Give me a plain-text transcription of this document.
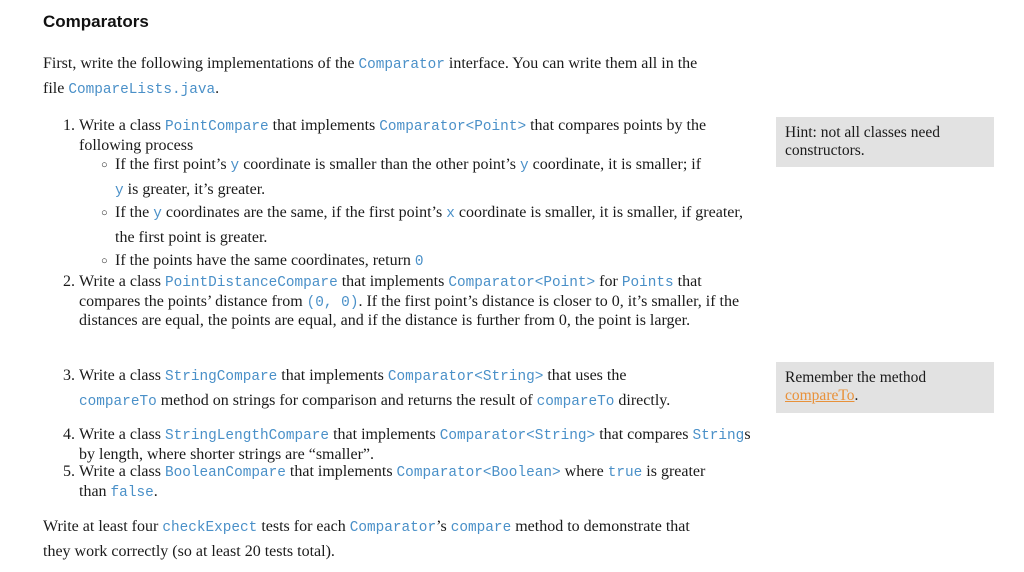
Comparators
First, write the following implementations of the Comparator interface. You can write them all in the
file CompareLists.java.
1. Write a class PointCompare that implements Comparator<Point> that compares points by the following process
○ If the first point’s y coordinate is smaller than the other point’s y coordinate, it is smaller; if
y is greater, it’s greater.
○ If the y coordinates are the same, if the first point’s x coordinate is smaller, it is smaller, if greater, the first point is greater.
○ If the points have the same coordinates, return 0
2. Write a class PointDistanceCompare that implements Comparator<Point> for Points that compares the points’ distance from (0, 0). If the first point’s distance is closer to 0, it’s smaller, if the distances are equal, the points are equal, and if the distance is further from 0, the point is larger.
3. Write a class StringCompare that implements Comparator<String> that uses the
compareTo method on strings for comparison and returns the result of compareTo directly.
4. Write a class StringLengthCompare that implements Comparator<String> that compares Strings by length, where shorter strings are “smaller”.
5. Write a class BooleanCompare that implements Comparator<Boolean> where true is greater than false.
Write at least four checkExpect tests for each Comparator’s compare method to demonstrate that
they work correctly (so at least 20 tests total).
Hint: not all classes need constructors.
Remember the method
compareTo.
